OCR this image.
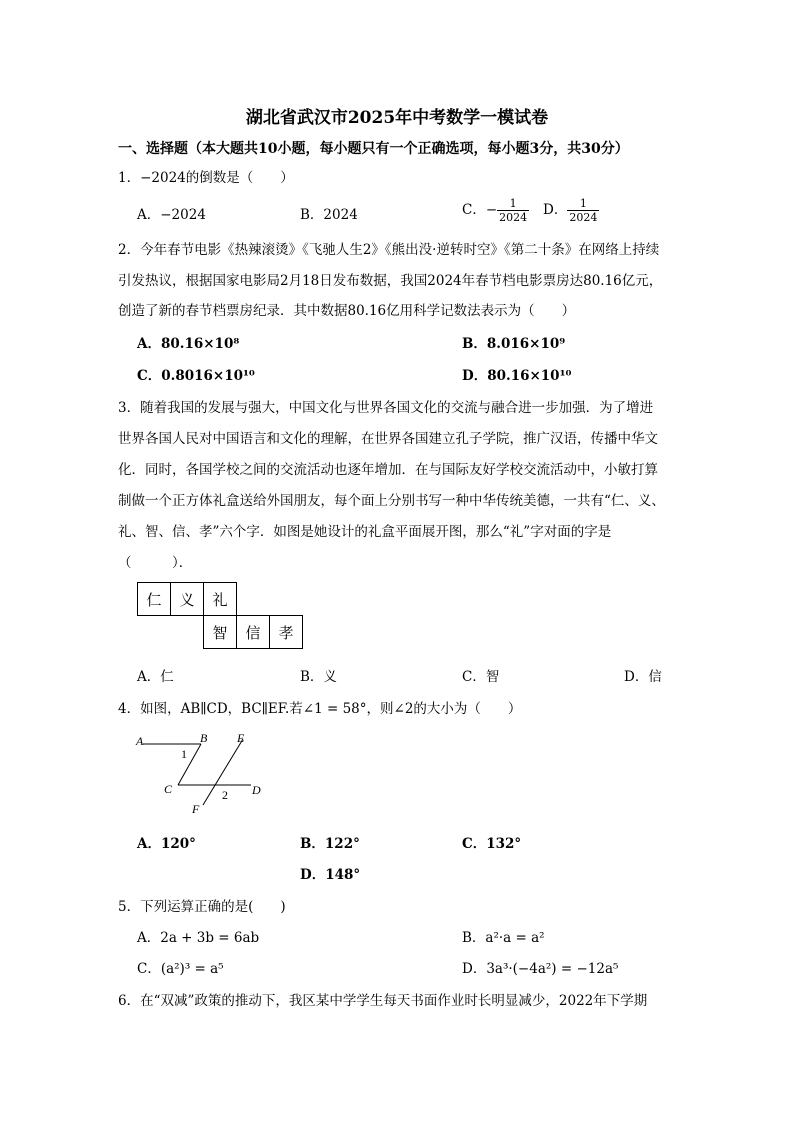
湖北省武汉市2025年中考数学一模试卷
一、选择题（本大题共10小题，每小题只有一个正确选项，每小题3分，共30分）
1．−2024的倒数是（　　）
A．−2024	B．2024	C．− $\frac{1}{2024}$ D． $\frac{1}{2024}$
2．今年春节电影《热辣滚烫》《飞驰人生2》《熊出没·逆转时空》《第二十条》在网络上持续
引发热议，根据国家电影局2月18日发布数据，我国2024年春节档电影票房达80.16亿元，
创造了新的春节档票房纪录．其中数据80.16亿用科学记数法表示为（　　）
A．80.16×10⁸	B．8.016×10⁹
C．0.8016×10¹⁰	D．80.16×10¹⁰
3．随着我国的发展与强大，中国文化与世界各国文化的交流与融合进一步加强．为了增进
世界各国人民对中国语言和文化的理解，在世界各国建立孔子学院，推广汉语，传播中华文
化．同时，各国学校之间的交流活动也逐年增加．在与国际友好学校交流活动中，小敏打算
制做一个正方体礼盒送给外国朋友，每个面上分别书写一种中华传统美德，一共有“仁、义、
礼、智、信、孝”六个字．如图是她设计的礼盒平面展开图，那么“礼”字对面的字是
（　　　）．
仁	义	礼		
		智	信	孝
A．仁	B．义	C．智	D．信
4．如图，AB∥CD，BC∥EF.若∠1 = 58°，则∠2的大小为（　　）
A	B E
1
C	2 D
F
A．120°	B．122°	C．132°
D．148°
5．下列运算正确的是(　　)
A．2a + 3b = 6ab	B．a²·a = a²
C．(a²)³ = a⁵	D．3a³·(−4a²) = −12a⁵
6．在“双减”政策的推动下，我区某中学学生每天书面作业时长明显减少，2022年下学期
